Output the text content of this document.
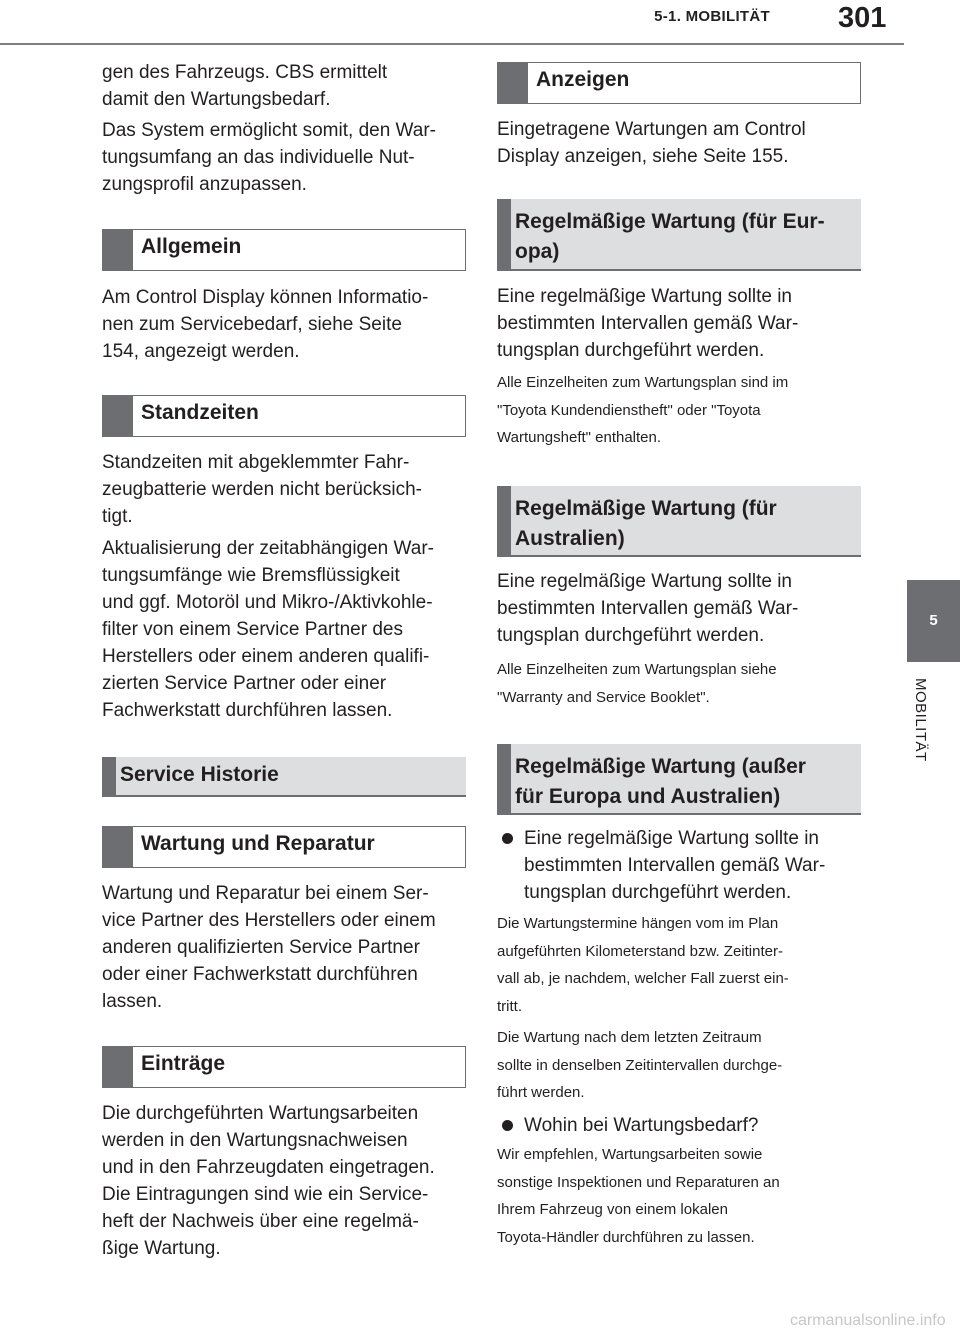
5-1. MOBILITÄT 301
5
MOBILITÄT

gen des Fahrzeugs. CBS ermittelt
damit den Wartungsbedarf.

Das System ermöglicht somit, den War-
tungsumfang an das individuelle Nut-
zungsprofil anzupassen.

Allgemein

Am Control Display können Informatio-
nen zum Servicebedarf, siehe Seite
154, angezeigt werden.

Standzeiten

Standzeiten mit abgeklemmter Fahr-
zeugbatterie werden nicht berücksich-
tigt.

Aktualisierung der zeitabhängigen War-
tungsumfänge wie Bremsflüssigkeit
und ggf. Motoröl und Mikro-/Aktivkohle-
filter von einem Service Partner des
Herstellers oder einem anderen qualifi-
zierten Service Partner oder einer
Fachwerkstatt durchführen lassen.

Service Historie
Wartung und Reparatur

Wartung und Reparatur bei einem Ser-
vice Partner des Herstellers oder einem
anderen qualifizierten Service Partner
oder einer Fachwerkstatt durchführen
lassen.

Einträge

Die durchgeführten Wartungsarbeiten
werden in den Wartungsnachweisen
und in den Fahrzeugdaten eingetragen.
Die Eintragungen sind wie ein Service-
heft der Nachweis über eine regelmä-
ßige Wartung.

Anzeigen

Eingetragene Wartungen am Control
Display anzeigen, siehe Seite 155.

Regelmäßige Wartung (für Eur-
opa)

Eine regelmäßige Wartung sollte in
bestimmten Intervallen gemäß War-
tungsplan durchgeführt werden.

Alle Einzelheiten zum Wartungsplan sind im
"Toyota Kundendienstheft" oder "Toyota
Wartungsheft" enthalten.

Regelmäßige Wartung (für
Australien)

Eine regelmäßige Wartung sollte in
bestimmten Intervallen gemäß War-
tungsplan durchgeführt werden.

Alle Einzelheiten zum Wartungsplan siehe
"Warranty and Service Booklet".

Regelmäßige Wartung (außer
für Europa und Australien)

Eine regelmäßige Wartung sollte in
bestimmten Intervallen gemäß War-
tungsplan durchgeführt werden.

Die Wartungstermine hängen vom im Plan
aufgeführten Kilometerstand bzw. Zeitinter-
vall ab, je nachdem, welcher Fall zuerst ein-
tritt.

Die Wartung nach dem letzten Zeitraum
sollte in denselben Zeitintervallen durchge-
führt werden.

Wohin bei Wartungsbedarf?

Wir empfehlen, Wartungsarbeiten sowie
sonstige Inspektionen und Reparaturen an
Ihrem Fahrzeug von einem lokalen
Toyota-Händler durchführen zu lassen.

carmanualsonline.info
